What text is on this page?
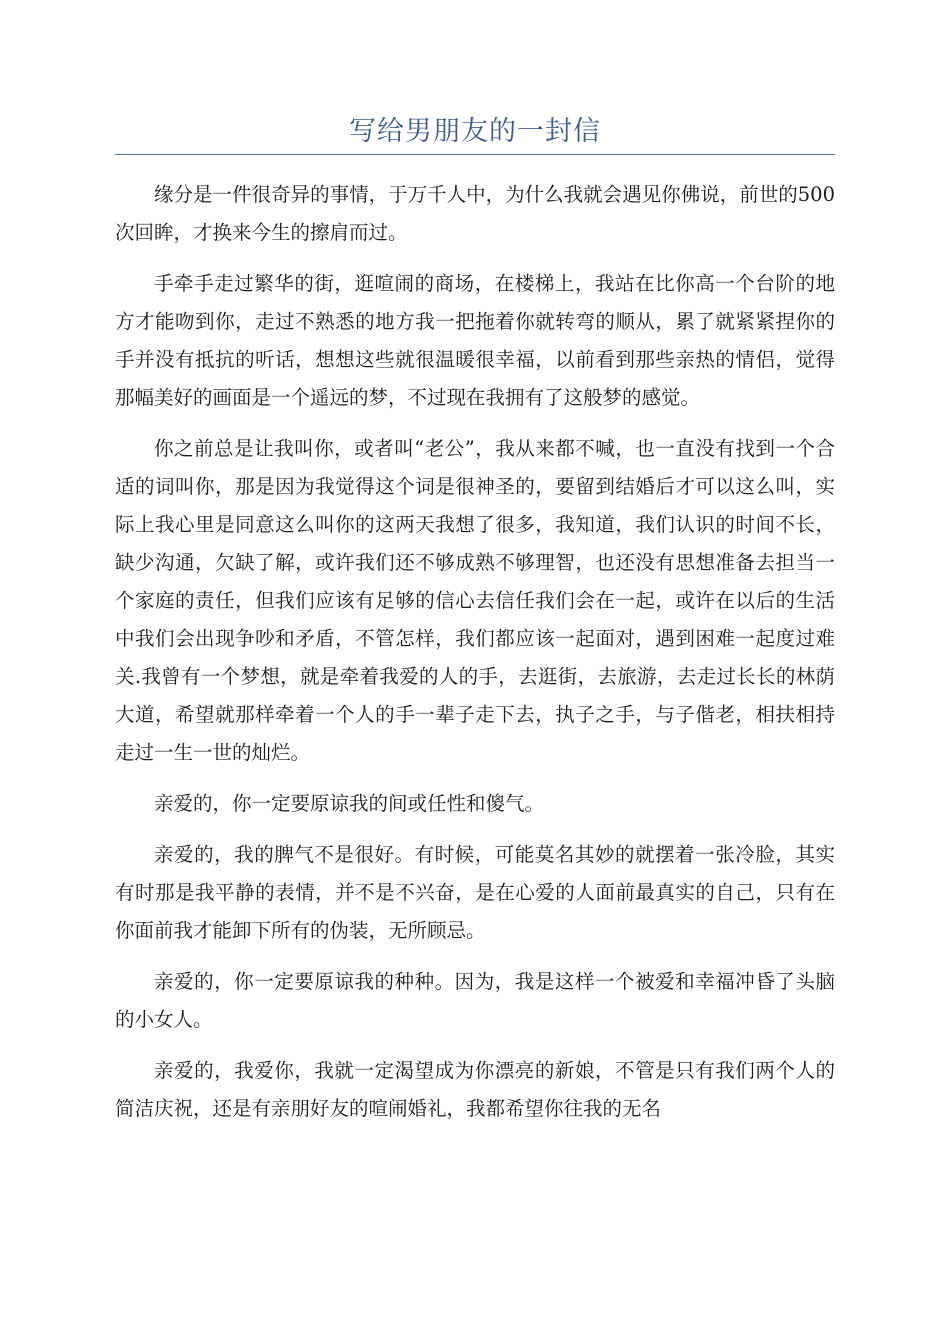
写给男朋友的一封信

缘分是一件很奇异的事情，于万千人中，为什么我就会遇见你佛说，前世的500次回眸，才换来今生的擦肩而过。

手牵手走过繁华的街，逛喧闹的商场，在楼梯上，我站在比你高一个台阶的地方才能吻到你，走过不熟悉的地方我一把拖着你就转弯的顺从，累了就紧紧捏你的手并没有抵抗的听话，想想这些就很温暖很幸福，以前看到那些亲热的情侣，觉得那幅美好的画面是一个遥远的梦，不过现在我拥有了这般梦的感觉。

你之前总是让我叫你，或者叫“老公”，我从来都不喊，也一直没有找到一个合适的词叫你，那是因为我觉得这个词是很神圣的，要留到结婚后才可以这么叫，实际上我心里是同意这么叫你的这两天我想了很多，我知道，我们认识的时间不长，缺少沟通，欠缺了解，或许我们还不够成熟不够理智，也还没有思想准备去担当一个家庭的责任，但我们应该有足够的信心去信任我们会在一起，或许在以后的生活中我们会出现争吵和矛盾，不管怎样，我们都应该一起面对，遇到困难一起度过难关.我曾有一个梦想，就是牵着我爱的人的手，去逛街，去旅游，去走过长长的林荫大道，希望就那样牵着一个人的手一辈子走下去，执子之手，与子偕老，相扶相持走过一生一世的灿烂。

亲爱的，你一定要原谅我的间或任性和傻气。

亲爱的，我的脾气不是很好。有时候，可能莫名其妙的就摆着一张冷脸，其实有时那是我平静的表情，并不是不兴奋，是在心爱的人面前最真实的自己，只有在你面前我才能卸下所有的伪装，无所顾忌。

亲爱的，你一定要原谅我的种种。因为，我是这样一个被爱和幸福冲昏了头脑的小女人。

亲爱的，我爱你，我就一定渴望成为你漂亮的新娘，不管是只有我们两个人的简洁庆祝，还是有亲朋好友的喧闹婚礼，我都希望你往我的无名
